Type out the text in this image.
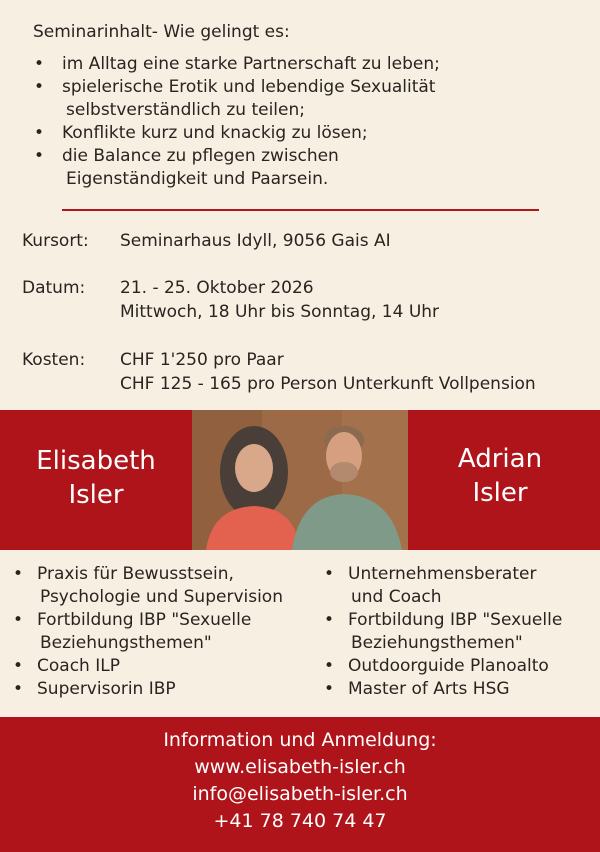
Seminarinhalt- Wie gelingt es:
• im Alltag eine starke Partnerschaft zu leben;
• spielerische Erotik und lebendige Sexualität
selbstverständlich zu teilen;
• Konflikte kurz und knackig zu lösen;
• die Balance zu pflegen zwischen
Eigenständigkeit und Paarsein.
Kursort: Seminarhaus Idyll, 9056 Gais AI
Datum: 21. - 25. Oktober 2026
Mittwoch, 18 Uhr bis Sonntag, 14 Uhr
Kosten: CHF 1'250 pro Paar
CHF 125 - 165 pro Person Unterkunft Vollpension
Elisabeth
Isler
Adrian
Isler
• Praxis für Bewusstsein,
Psychologie und Supervision
• Fortbildung IBP "Sexuelle
Beziehungsthemen"
• Coach ILP
• Supervisorin IBP
• Unternehmensberater
und Coach
• Fortbildung IBP "Sexuelle
Beziehungsthemen"
• Outdoorguide Planoalto
• Master of Arts HSG
Information und Anmeldung:
www.elisabeth-isler.ch
info@elisabeth-isler.ch
+41 78 740 74 47
